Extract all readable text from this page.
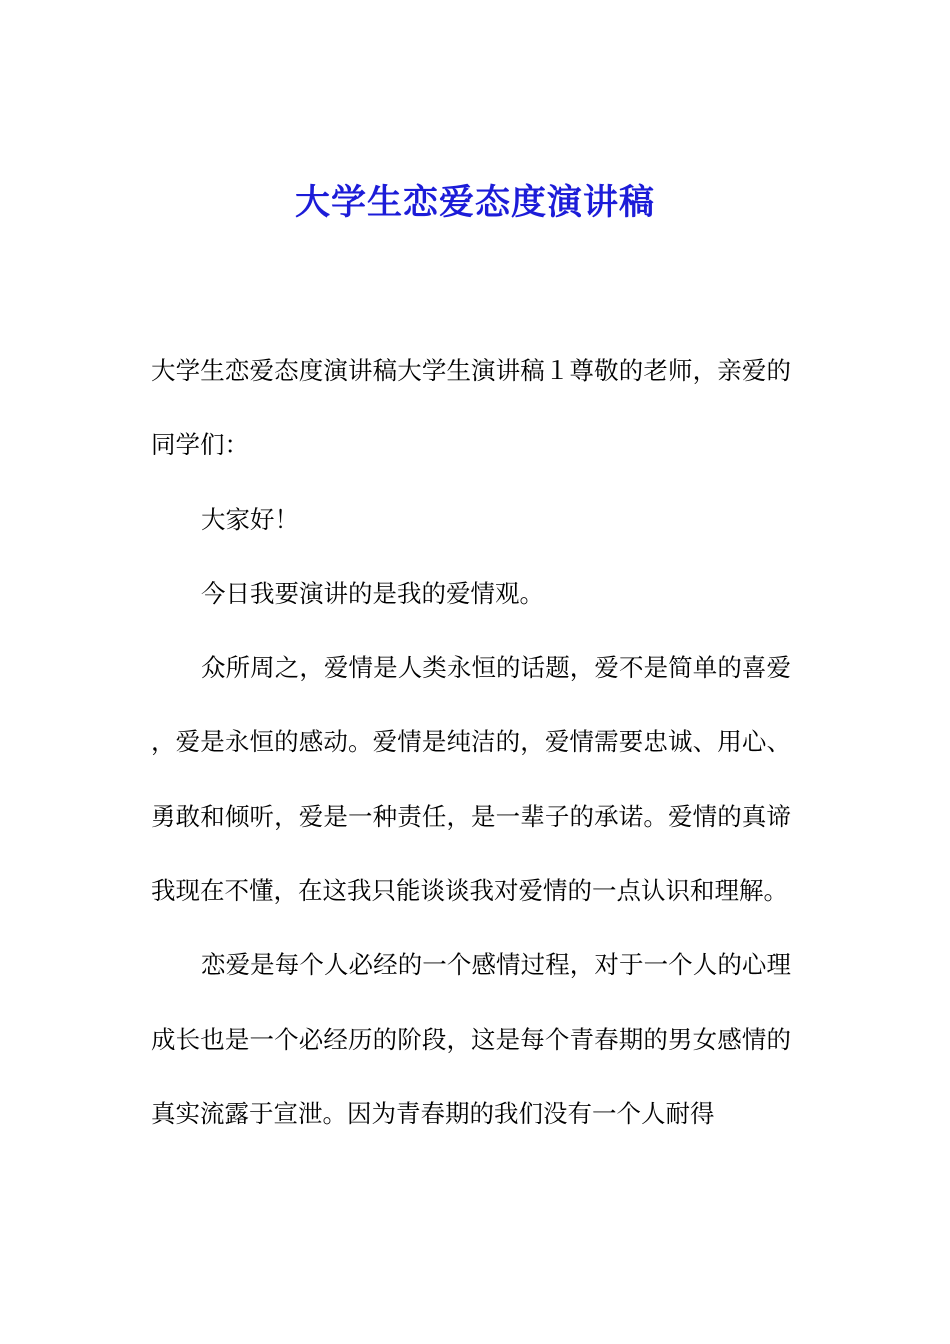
大学生恋爱态度演讲稿

大学生恋爱态度演讲稿大学生演讲稿１尊敬的老师，亲爱的同学们：

大家好！

今日我要演讲的是我的爱情观。

众所周之，爱情是人类永恒的话题，爱不是简单的喜爱，爱是永恒的感动。爱情是纯洁的，爱情需要忠诚、用心、勇敢和倾听，爱是一种责任，是一辈子的承诺。爱情的真谛我现在不懂，在这我只能谈谈我对爱情的一点认识和理解。

恋爱是每个人必经的一个感情过程，对于一个人的心理成长也是一个必经历的阶段，这是每个青春期的男女感情的真实流露于宣泄。因为青春期的我们没有一个人耐得
